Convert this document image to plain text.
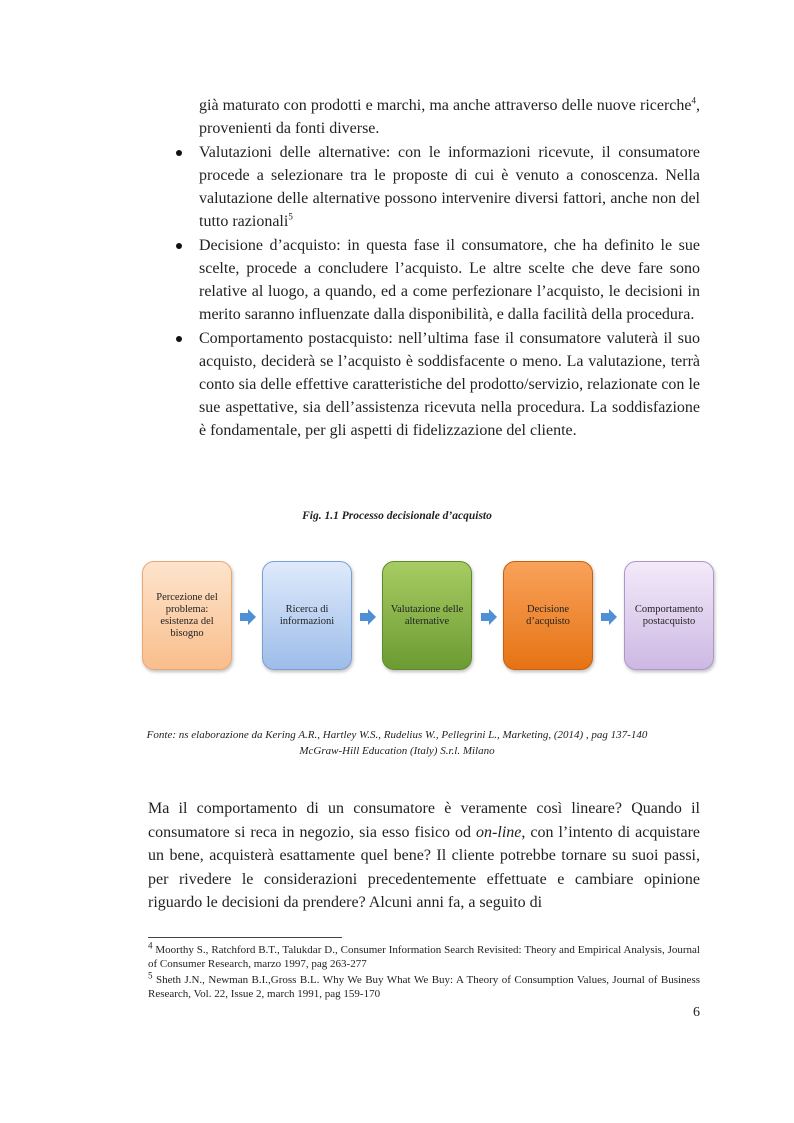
già maturato con prodotti e marchi, ma anche attraverso delle nuove ricerche$^4$, provenienti da fonti diverse.
Valutazioni delle alternative: con le informazioni ricevute, il consumatore procede a selezionare tra le proposte di cui è venuto a conoscenza. Nella valutazione delle alternative possono intervenire diversi fattori, anche non del tutto razionali$^5$
Decisione d’acquisto: in questa fase il consumatore, che ha definito le sue scelte, procede a concludere l’acquisto. Le altre scelte che deve fare sono relative al luogo, a quando, ed a come perfezionare l’acquisto, le decisioni in merito saranno influenzate dalla disponibilità, e dalla facilità della procedura.
Comportamento postacquisto: nell’ultima fase il consumatore valuterà il suo acquisto, deciderà se l’acquisto è soddisfacente o meno. La valutazione, terrà conto sia delle effettive caratteristiche del prodotto/servizio, relazionate con le sue aspettative, sia dell’assistenza ricevuta nella procedura. La soddisfazione è fondamentale, per gli aspetti di fidelizzazione del cliente.
Fig. 1.1 Processo decisionale d’acquisto
Percezione del problema: esistenza del bisogno
Ricerca di informazioni
Valutazione delle alternative
Decisione d’acquisto
Comportamento postacquisto
Fonte: ns elaborazione da Kering A.R., Hartley W.S., Rudelius W., Pellegrini L., Marketing, (2014) , pag 137-140
McGraw-Hill Education (Italy) S.r.l. Milano

Ma il comportamento di un consumatore è veramente così lineare? Quando il consumatore si reca in negozio, sia esso fisico od on-line, con l’intento di acquistare un bene, acquisterà esattamente quel bene? Il cliente potrebbe tornare su suoi passi, per rivedere le considerazioni precedentemente effettuate e cambiare opinione riguardo le decisioni da prendere? Alcuni anni fa, a seguito di

$^4$ Moorthy S., Ratchford B.T., Talukdar D., Consumer Information Search Revisited: Theory and Empirical Analysis, Journal of Consumer Research, marzo 1997, pag 263-277

$^5$ Sheth J.N., Newman B.I.,Gross B.L. Why We Buy What We Buy: A Theory of Consumption Values, Journal of Business Research, Vol. 22, Issue 2, march 1991, pag 159-170

6
